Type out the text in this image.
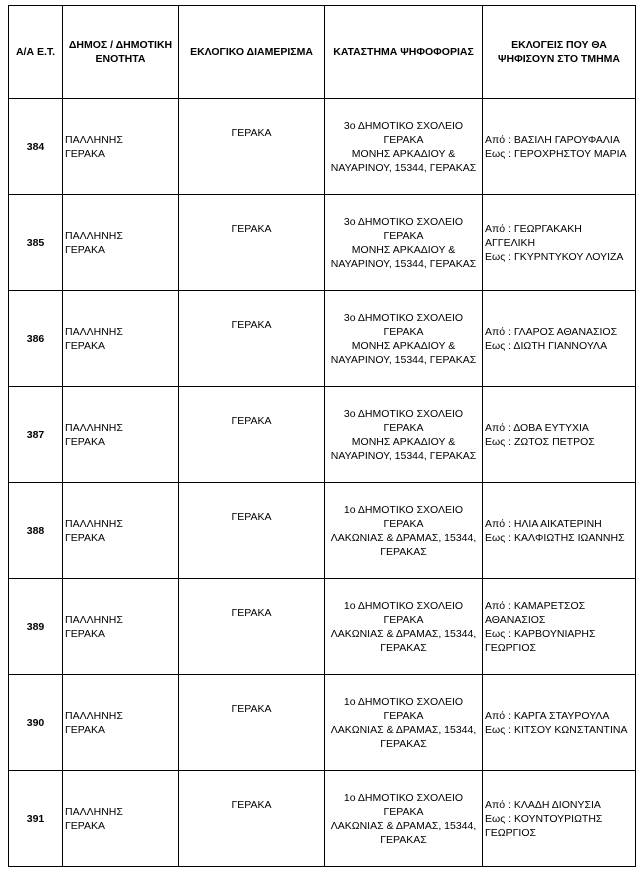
Α/Α Ε.Τ.	ΔΗΜΟΣ / ΔΗΜΟΤΙΚΗ ΕΝΟΤΗΤΑ	ΕΚΛΟΓΙΚΟ ΔΙΑΜΕΡΙΣΜΑ	ΚΑΤΑΣΤΗΜΑ ΨΗΦΟΦΟΡΙΑΣ	ΕΚΛΟΓΕΙΣ ΠΟΥ ΘΑ ΨΗΦΙΣΟΥΝ ΣΤΟ ΤΜΗΜΑ
384	ΠΑΛΛΗΝΗΣ
ΓΕΡΑΚΑ	ΓΕΡΑΚΑ	3ο ΔΗΜΟΤΙΚΟ ΣΧΟΛΕΙΟ
ΓΕΡΑΚΑ
ΜΟΝΗΣ ΑΡΚΑΔΙΟΥ &
ΝΑΥΑΡΙΝΟΥ, 15344, ΓΕΡΑΚΑΣ	Από : ΒΑΣΙΛΗ ΓΑΡΟΥΦΑΛΙΑ
Εως : ΓΕΡΟΧΡΗΣΤΟΥ ΜΑΡΙΑ

385	ΠΑΛΛΗΝΗΣ
ΓΕΡΑΚΑ	ΓΕΡΑΚΑ	3ο ΔΗΜΟΤΙΚΟ ΣΧΟΛΕΙΟ
ΓΕΡΑΚΑ
ΜΟΝΗΣ ΑΡΚΑΔΙΟΥ &
ΝΑΥΑΡΙΝΟΥ, 15344, ΓΕΡΑΚΑΣ	Από : ΓΕΩΡΓΑΚΑΚΗ
ΑΓΓΕΛΙΚΗ
Εως : ΓΚΥΡΝΤΥΚΟΥ ΛΟΥΙΖΑ

386	ΠΑΛΛΗΝΗΣ
ΓΕΡΑΚΑ	ΓΕΡΑΚΑ	3ο ΔΗΜΟΤΙΚΟ ΣΧΟΛΕΙΟ
ΓΕΡΑΚΑ
ΜΟΝΗΣ ΑΡΚΑΔΙΟΥ &
ΝΑΥΑΡΙΝΟΥ, 15344, ΓΕΡΑΚΑΣ	Από : ΓΛΑΡΟΣ ΑΘΑΝΑΣΙΟΣ
Εως : ΔΙΩΤΗ ΓΙΑΝΝΟΥΛΑ

387	ΠΑΛΛΗΝΗΣ
ΓΕΡΑΚΑ	ΓΕΡΑΚΑ	3ο ΔΗΜΟΤΙΚΟ ΣΧΟΛΕΙΟ
ΓΕΡΑΚΑ
ΜΟΝΗΣ ΑΡΚΑΔΙΟΥ &
ΝΑΥΑΡΙΝΟΥ, 15344, ΓΕΡΑΚΑΣ	Από : ΔΟΒΑ ΕΥΤΥΧΙΑ
Εως : ΖΩΤΟΣ ΠΕΤΡΟΣ

388	ΠΑΛΛΗΝΗΣ
ΓΕΡΑΚΑ	ΓΕΡΑΚΑ	1ο ΔΗΜΟΤΙΚΟ ΣΧΟΛΕΙΟ
ΓΕΡΑΚΑ
ΛΑΚΩΝΙΑΣ & ΔΡΑΜΑΣ, 15344,
ΓΕΡΑΚΑΣ	Από : ΗΛΙΑ ΑΙΚΑΤΕΡΙΝΗ
Εως : ΚΑΛΦΙΩΤΗΣ ΙΩΑΝΝΗΣ

389	ΠΑΛΛΗΝΗΣ
ΓΕΡΑΚΑ	ΓΕΡΑΚΑ	1ο ΔΗΜΟΤΙΚΟ ΣΧΟΛΕΙΟ
ΓΕΡΑΚΑ
ΛΑΚΩΝΙΑΣ & ΔΡΑΜΑΣ, 15344,
ΓΕΡΑΚΑΣ	Από : ΚΑΜΑΡΕΤΣΟΣ
ΑΘΑΝΑΣΙΟΣ
Εως : ΚΑΡΒΟΥΝΙΑΡΗΣ
ΓΕΩΡΓΙΟΣ

390	ΠΑΛΛΗΝΗΣ
ΓΕΡΑΚΑ	ΓΕΡΑΚΑ	1ο ΔΗΜΟΤΙΚΟ ΣΧΟΛΕΙΟ
ΓΕΡΑΚΑ
ΛΑΚΩΝΙΑΣ & ΔΡΑΜΑΣ, 15344,
ΓΕΡΑΚΑΣ	Από : ΚΑΡΓΑ ΣΤΑΥΡΟΥΛΑ
Εως : ΚΙΤΣΟΥ ΚΩΝΣΤΑΝΤΙΝΑ

391	ΠΑΛΛΗΝΗΣ
ΓΕΡΑΚΑ	ΓΕΡΑΚΑ	1ο ΔΗΜΟΤΙΚΟ ΣΧΟΛΕΙΟ
ΓΕΡΑΚΑ
ΛΑΚΩΝΙΑΣ & ΔΡΑΜΑΣ, 15344,
ΓΕΡΑΚΑΣ	Από : ΚΛΑΔΗ ΔΙΟΝΥΣΙΑ
Εως : ΚΟΥΝΤΟΥΡΙΩΤΗΣ
ΓΕΩΡΓΙΟΣ
